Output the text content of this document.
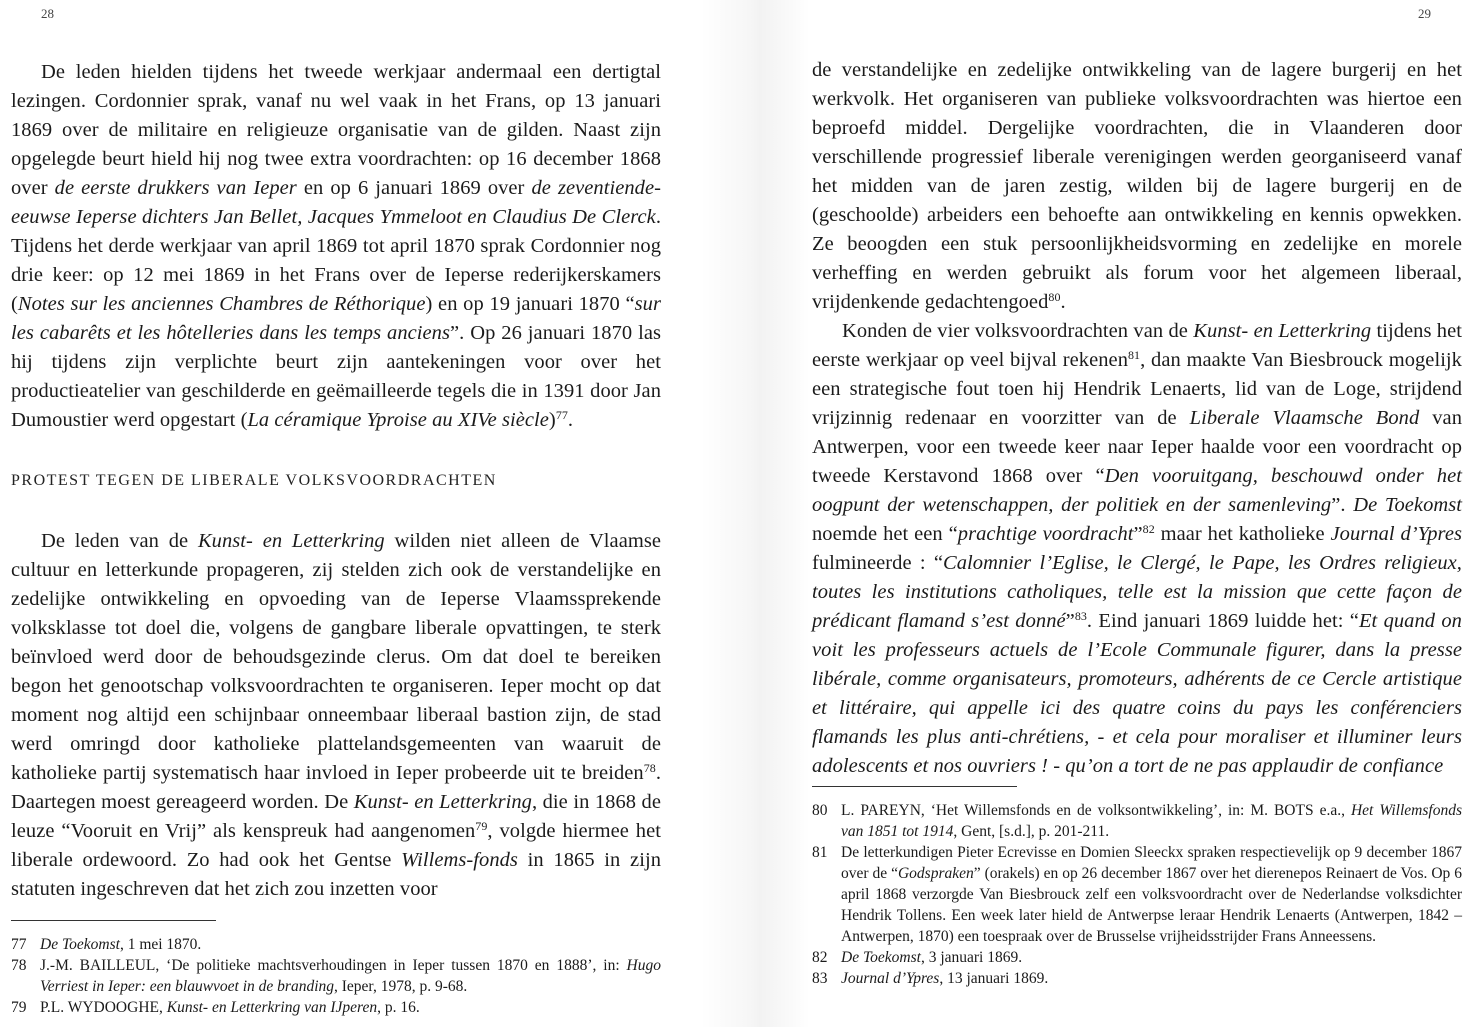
28

De leden hielden tijdens het tweede werkjaar andermaal een dertigtal lezingen. Cordonnier sprak, vanaf nu wel vaak in het Frans, op 13 januari 1869 over de militaire en religieuze organisatie van de gilden. Naast zijn opgelegde beurt hield hij nog twee extra voordrachten: op 16 december 1868 over de eerste drukkers van Ieper en op 6 januari 1869 over de zeventiende-eeuwse Ieperse dichters Jan Bellet, Jacques Ymmeloot en Claudius De Clerck. Tijdens het derde werkjaar van april 1869 tot april 1870 sprak Cordonnier nog drie keer: op 12 mei 1869 in het Frans over de Ieperse rederijkerskamers (Notes sur les anciennes Chambres de Réthorique) en op 19 januari 1870 “sur les cabarêts et les hôtelleries dans les temps anciens”. Op 26 januari 1870 las hij tijdens zijn verplichte beurt zijn aantekeningen voor over het productieatelier van geschilderde en geëmailleerde tegels die in 1391 door Jan Dumoustier werd opgestart (La céramique Yproise au XIVe siècle)$^{77}$.

PROTEST TEGEN DE LIBERALE VOLKSVOORDRACHTEN

De leden van de Kunst- en Letterkring wilden niet alleen de Vlaamse cultuur en letterkunde propageren, zij stelden zich ook de verstandelijke en zedelijke ontwikkeling en opvoeding van de Ieperse Vlaamssprekende volksklasse tot doel die, volgens de gangbare liberale opvattingen, te sterk beïnvloed werd door de behoudsgezinde clerus. Om dat doel te bereiken begon het genootschap volksvoordrachten te organiseren. Ieper mocht op dat moment nog altijd een schijnbaar onneembaar liberaal bastion zijn, de stad werd omringd door katholieke plattelandsgemeenten van waaruit de katholieke partij systematisch haar invloed in Ieper probeerde uit te breiden$^{78}$. Daartegen moest gereageerd worden. De Kunst- en Letterkring, die in 1868 de leuze “Vooruit en Vrij” als kenspreuk had aangenomen$^{79}$, volgde hiermee het liberale ordewoord. Zo had ook het Gentse Willems-fonds in 1865 in zijn statuten ingeschreven dat het zich zou inzetten voor

77 De Toekomst, 1 mei 1870.
78 J.-M. BAILLEUL, ‘De politieke machtsverhoudingen in Ieper tussen 1870 en 1888’, in: Hugo Verriest in Ieper: een blauwvoet in de branding, Ieper, 1978, p. 9-68.
79 P.L. WYDOOGHE, Kunst- en Letterkring van IJperen, p. 16.
29

de verstandelijke en zedelijke ontwikkeling van de lagere burgerij en het werkvolk. Het organiseren van publieke volksvoordrachten was hiertoe een beproefd middel. Dergelijke voordrachten, die in Vlaanderen door verschillende progressief liberale verenigingen werden georganiseerd vanaf het midden van de jaren zestig, wilden bij de lagere burgerij en de (geschoolde) arbeiders een behoefte aan ontwikkeling en kennis opwekken. Ze beoogden een stuk persoonlijkheidsvorming en zedelijke en morele verheffing en werden gebruikt als forum voor het algemeen liberaal, vrijdenkende gedachtengoed$^{80}$.

Konden de vier volksvoordrachten van de Kunst- en Letterkring tijdens het eerste werkjaar op veel bijval rekenen$^{81}$, dan maakte Van Biesbrouck mogelijk een strategische fout toen hij Hendrik Lenaerts, lid van de Loge, strijdend vrijzinnig redenaar en voorzitter van de Liberale Vlaamsche Bond van Antwerpen, voor een tweede keer naar Ieper haalde voor een voordracht op tweede Kerstavond 1868 over “Den vooruitgang, beschouwd onder het oogpunt der wetenschappen, der politiek en der samenleving”. De Toekomst noemde het een “prachtige voordracht”$^{82}$ maar het katholieke Journal d’Ypres fulmineerde : “Calomnier l’Eglise, le Clergé, le Pape, les Ordres religieux, toutes les institutions catholiques, telle est la mission que cette façon de prédicant flamand s’est donné”$^{83}$. Eind januari 1869 luidde het: “Et quand on voit les professeurs actuels de l’Ecole Communale figurer, dans la presse libérale, comme organisateurs, promoteurs, adhérents de ce Cercle artistique et littéraire, qui appelle ici des quatre coins du pays les conférenciers flamands les plus anti-chrétiens, - et cela pour moraliser et illuminer leurs adolescents et nos ouvriers ! - qu’on a tort de ne pas applaudir de confiance

80 L. PAREYN, ‘Het Willemsfonds en de volksontwikkeling’, in: M. BOTS e.a., Het Willemsfonds van 1851 tot 1914, Gent, [s.d.], p. 201-211.
81 De letterkundigen Pieter Ecrevisse en Domien Sleeckx spraken respectievelijk op 9 december 1867 over de “Godspraken” (orakels) en op 26 december 1867 over het dierenepos Reinaert de Vos. Op 6 april 1868 verzorgde Van Biesbrouck zelf een volksvoordracht over de Nederlandse volksdichter Hendrik Tollens. Een week later hield de Antwerpse leraar Hendrik Lenaerts (Antwerpen, 1842 – Antwerpen, 1870) een toespraak over de Brusselse vrijheidsstrijder Frans Anneessens.
82 De Toekomst, 3 januari 1869.
83 Journal d’Ypres, 13 januari 1869.
